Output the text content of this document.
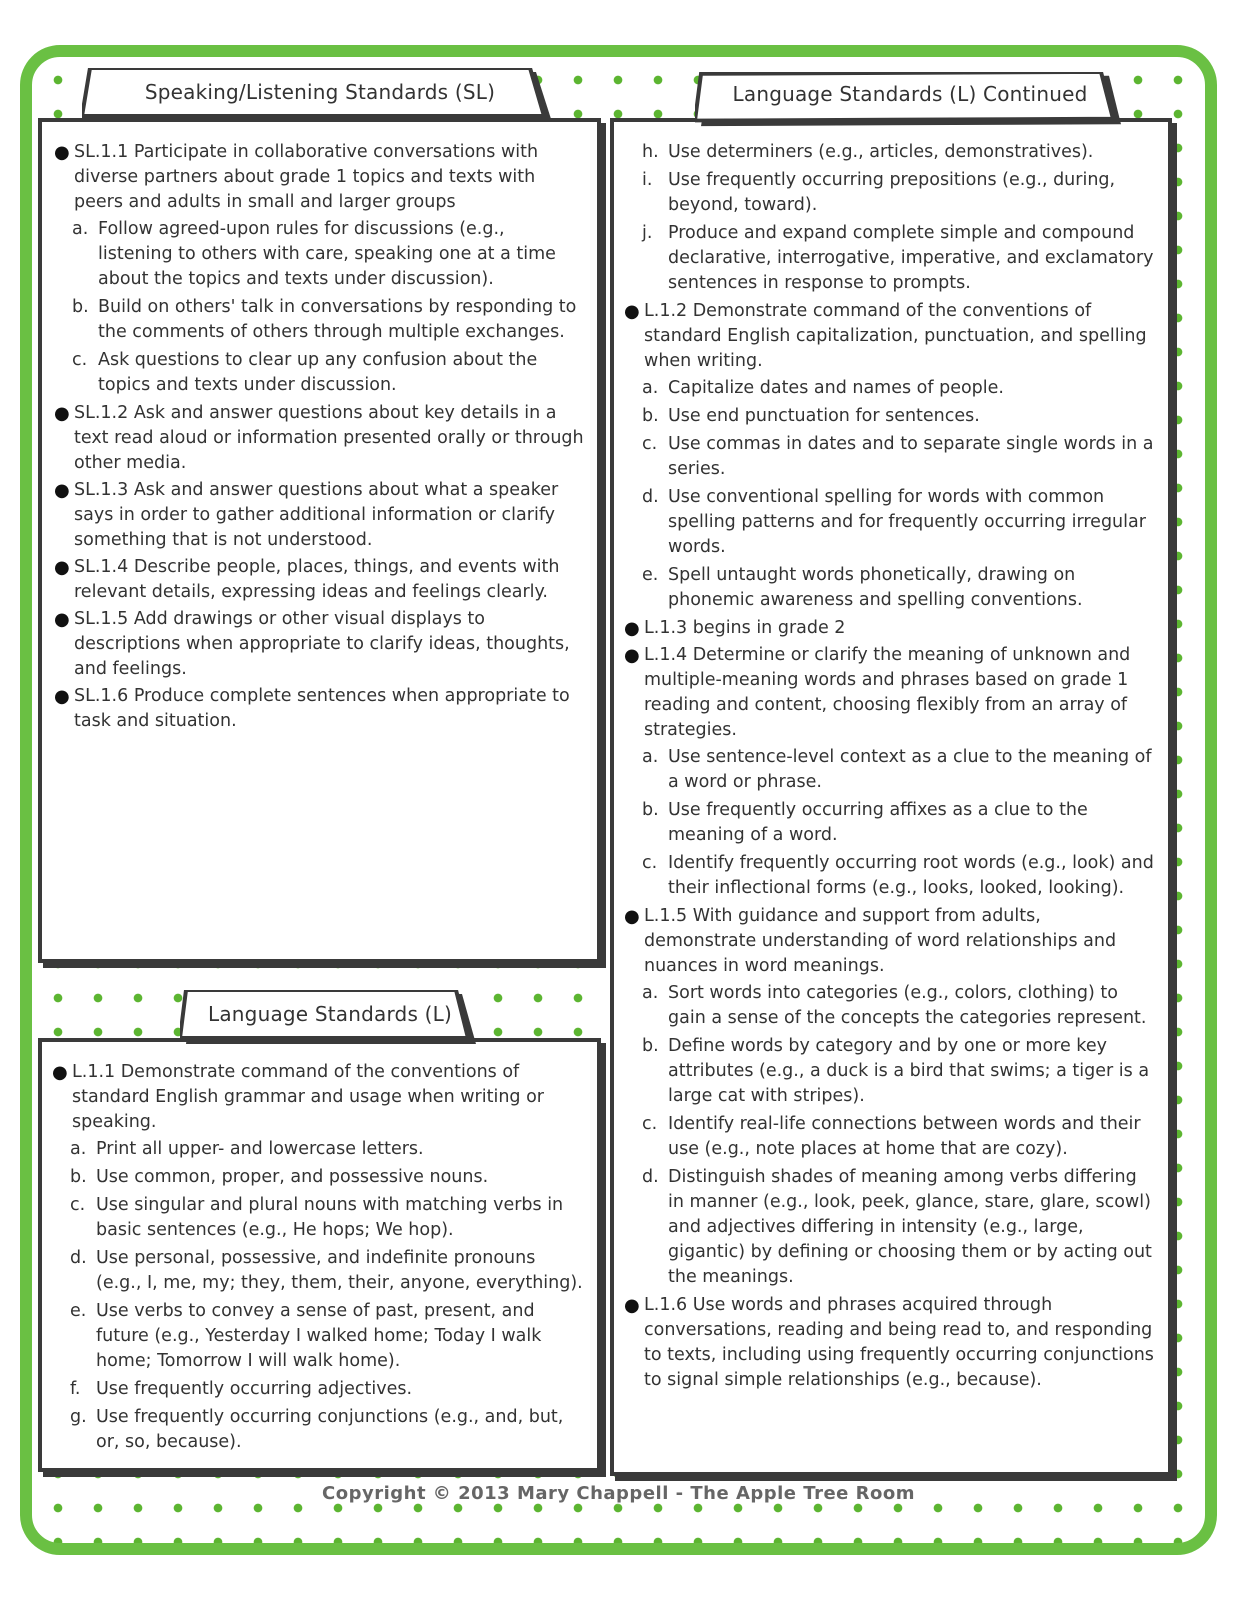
Speaking/Listening Standards (SL)
● SL.1.1 Participate in collaborative conversations with diverse partners about grade 1 topics and texts with peers and adults in small and larger groups
a. Follow agreed-upon rules for discussions (e.g., listening to others with care, speaking one at a time about the topics and texts under discussion).
b. Build on others' talk in conversations by responding to the comments of others through multiple exchanges.
c. Ask questions to clear up any confusion about the topics and texts under discussion.
● SL.1.2 Ask and answer questions about key details in a text read aloud or information presented orally or through other media.
● SL.1.3 Ask and answer questions about what a speaker says in order to gather additional information or clarify something that is not understood.
● SL.1.4 Describe people, places, things, and events with relevant details, expressing ideas and feelings clearly.
● SL.1.5 Add drawings or other visual displays to descriptions when appropriate to clarify ideas, thoughts, and feelings.
● SL.1.6 Produce complete sentences when appropriate to task and situation.
Language Standards (L)
● L.1.1 Demonstrate command of the conventions of standard English grammar and usage when writing or speaking.
a. Print all upper- and lowercase letters.
b. Use common, proper, and possessive nouns.
c. Use singular and plural nouns with matching verbs in basic sentences (e.g., He hops; We hop).
d. Use personal, possessive, and indefinite pronouns (e.g., I, me, my; they, them, their, anyone, everything).
e. Use verbs to convey a sense of past, present, and future (e.g., Yesterday I walked home; Today I walk home; Tomorrow I will walk home).
f. Use frequently occurring adjectives.
g. Use frequently occurring conjunctions (e.g., and, but, or, so, because).
Language Standards (L) Continued
h. Use determiners (e.g., articles, demonstratives).
i. Use frequently occurring prepositions (e.g., during, beyond, toward).
j. Produce and expand complete simple and compound declarative, interrogative, imperative, and exclamatory sentences in response to prompts.
● L.1.2 Demonstrate command of the conventions of standard English capitalization, punctuation, and spelling when writing.
a. Capitalize dates and names of people.
b. Use end punctuation for sentences.
c. Use commas in dates and to separate single words in a series.
d. Use conventional spelling for words with common spelling patterns and for frequently occurring irregular words.
e. Spell untaught words phonetically, drawing on phonemic awareness and spelling conventions.
● L.1.3 begins in grade 2
● L.1.4 Determine or clarify the meaning of unknown and multiple-meaning words and phrases based on grade 1 reading and content, choosing flexibly from an array of strategies.
a. Use sentence-level context as a clue to the meaning of a word or phrase.
b. Use frequently occurring affixes as a clue to the meaning of a word.
c. Identify frequently occurring root words (e.g., look) and their inflectional forms (e.g., looks, looked, looking).
● L.1.5 With guidance and support from adults, demonstrate understanding of word relationships and nuances in word meanings.
a. Sort words into categories (e.g., colors, clothing) to gain a sense of the concepts the categories represent.
b. Define words by category and by one or more key attributes (e.g., a duck is a bird that swims; a tiger is a large cat with stripes).
c. Identify real-life connections between words and their use (e.g., note places at home that are cozy).
d. Distinguish shades of meaning among verbs differing in manner (e.g., look, peek, glance, stare, glare, scowl) and adjectives differing in intensity (e.g., large, gigantic) by defining or choosing them or by acting out the meanings.
● L.1.6 Use words and phrases acquired through conversations, reading and being read to, and responding to texts, including using frequently occurring conjunctions to signal simple relationships (e.g., because).
Copyright © 2013 Mary Chappell - The Apple Tree Room
